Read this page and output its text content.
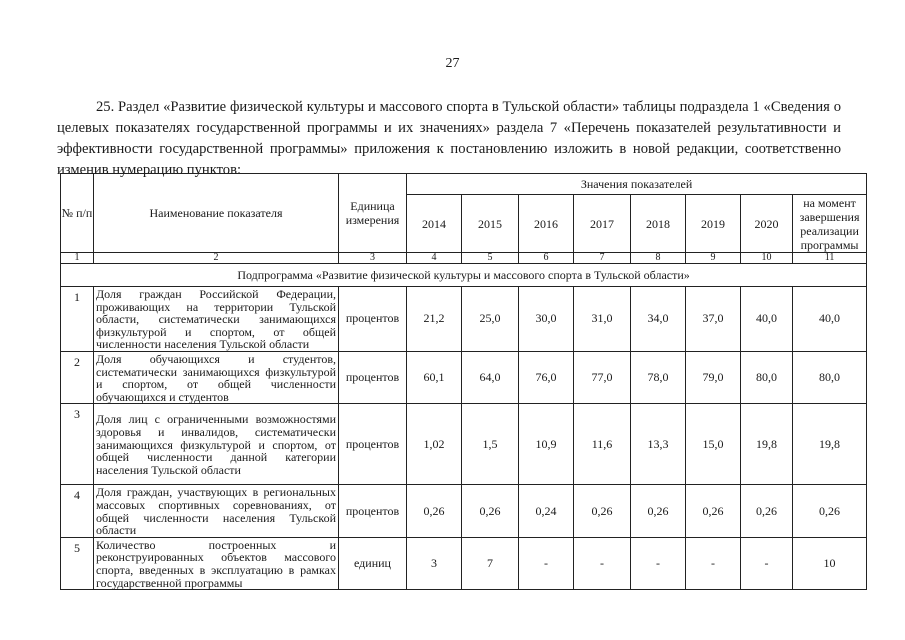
27

25. Раздел «Развитие физической культуры и массового спорта в Тульской области» таблицы подраздела 1 «Сведения о целевых показателях государственной программы и их значениях» раздела 7 «Перечень показателей результативности и эффективности государственной программы» приложения к постановлению изложить в новой редакции, соответственно изменив нумерацию пунктов:

№ п/п	Наименование показателя	Единица измерения	Значения показателей							
			2014	2015	2016	2017	2018	2019	2020	на момент завершения реализации программы
1	2	3	4	5	6	7	8	9	10	11
Подпрограмма «Развитие физической культуры и массового спорта в Тульской области»										
1	Доля граждан Российской Федерации, проживающих на территории Тульской области, систематически занимающихся физкультурой и спортом, от общей численности населения Тульской области	процентов	21,2	25,0	30,0	31,0	34,0	37,0	40,0	40,0
2	Доля обучающихся и студентов, систематически занимающихся физкультурой и спортом, от общей численности обучающихся и студентов	процентов	60,1	64,0	76,0	77,0	78,0	79,0	80,0	80,0
3	Доля лиц с ограниченными возможностями здоровья и инвалидов, систематически занимающихся физкультурой и спортом, от общей численности данной категории населения Тульской области	процентов	1,02	1,5	10,9	11,6	13,3	15,0	19,8	19,8
4	Доля граждан, участвующих в региональных массовых спортивных соревнованиях, от общей численности населения Тульской области	процентов	0,26	0,26	0,24	0,26	0,26	0,26	0,26	0,26
5	Количество построенных и реконструированных объектов массового спорта, введенных в эксплуатацию в рамках государственной программы	единиц	3	7	-	-	-	-	-	10
